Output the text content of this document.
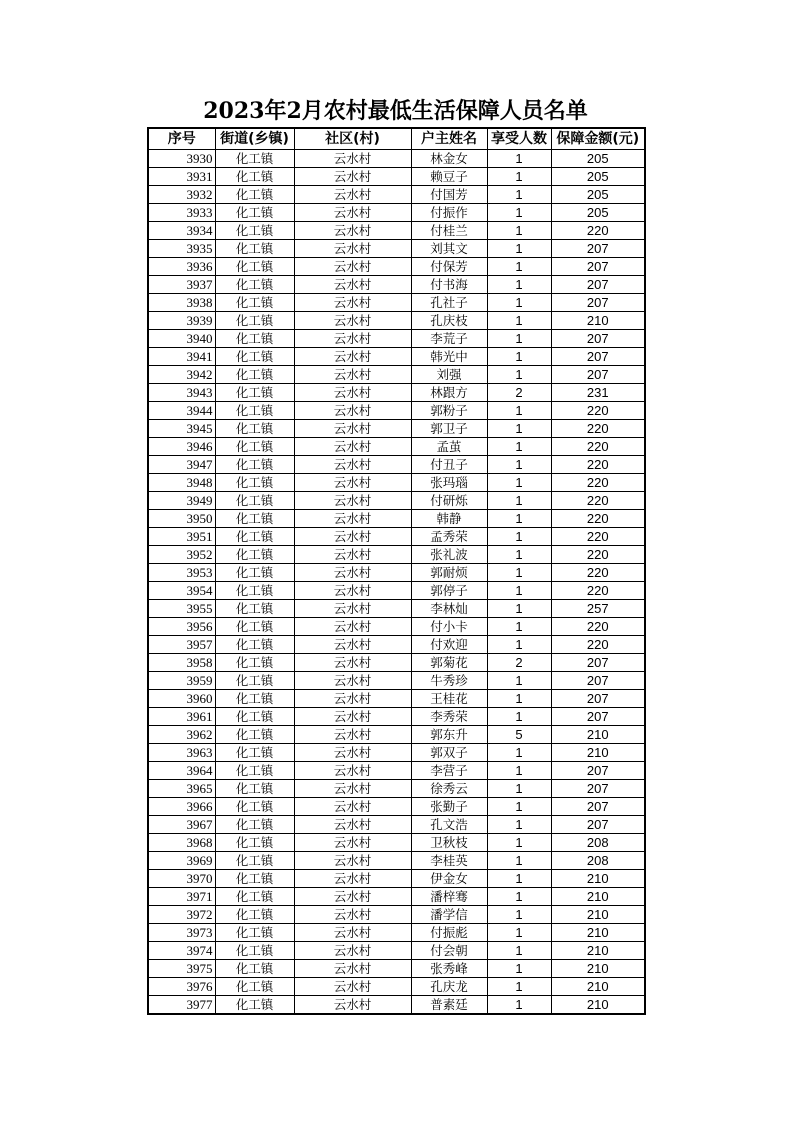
2023年2月农村最低生活保障人员名单
序号	街道(乡镇)	社区(村)	户主姓名	享受人数	保障金额(元)
3930	化工镇	云水村	林金女	1	205
3931	化工镇	云水村	赖豆子	1	205
3932	化工镇	云水村	付国芳	1	205
3933	化工镇	云水村	付振作	1	205
3934	化工镇	云水村	付桂兰	1	220
3935	化工镇	云水村	刘其文	1	207
3936	化工镇	云水村	付保芳	1	207
3937	化工镇	云水村	付书海	1	207
3938	化工镇	云水村	孔社子	1	207
3939	化工镇	云水村	孔庆枝	1	210
3940	化工镇	云水村	李荒子	1	207
3941	化工镇	云水村	韩光中	1	207
3942	化工镇	云水村	刘强	1	207
3943	化工镇	云水村	林跟方	2	231
3944	化工镇	云水村	郭粉子	1	220
3945	化工镇	云水村	郭卫子	1	220
3946	化工镇	云水村	孟茧	1	220
3947	化工镇	云水村	付丑子	1	220
3948	化工镇	云水村	张玛瑙	1	220
3949	化工镇	云水村	付研烁	1	220
3950	化工镇	云水村	韩静	1	220
3951	化工镇	云水村	孟秀荣	1	220
3952	化工镇	云水村	张礼波	1	220
3953	化工镇	云水村	郭耐烦	1	220
3954	化工镇	云水村	郭停子	1	220
3955	化工镇	云水村	李林灿	1	257
3956	化工镇	云水村	付小卡	1	220
3957	化工镇	云水村	付欢迎	1	220
3958	化工镇	云水村	郭菊花	2	207
3959	化工镇	云水村	牛秀珍	1	207
3960	化工镇	云水村	王桂花	1	207
3961	化工镇	云水村	李秀荣	1	207
3962	化工镇	云水村	郭东升	5	210
3963	化工镇	云水村	郭双子	1	210
3964	化工镇	云水村	李营子	1	207
3965	化工镇	云水村	徐秀云	1	207
3966	化工镇	云水村	张勤子	1	207
3967	化工镇	云水村	孔文浩	1	207
3968	化工镇	云水村	卫秋枝	1	208
3969	化工镇	云水村	李桂英	1	208
3970	化工镇	云水村	伊金女	1	210
3971	化工镇	云水村	潘梓骞	1	210
3972	化工镇	云水村	潘学信	1	210
3973	化工镇	云水村	付振彪	1	210
3974	化工镇	云水村	付会朝	1	210
3975	化工镇	云水村	张秀峰	1	210
3976	化工镇	云水村	孔庆龙	1	210
3977	化工镇	云水村	普素廷	1	210
